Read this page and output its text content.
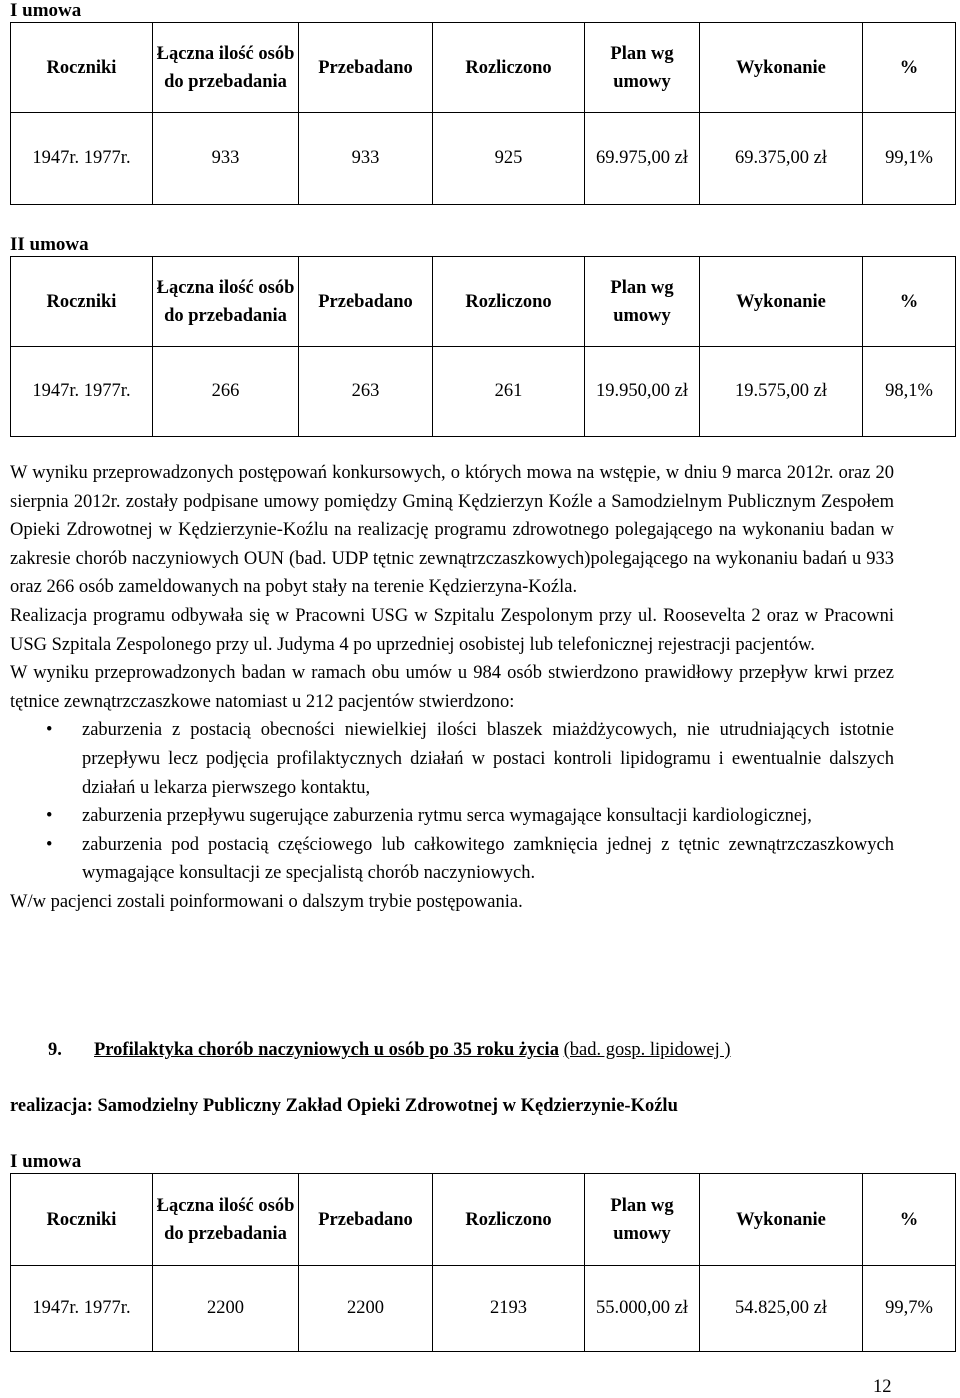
I umowa
Roczniki	Łączna ilość osób do przebadania	Przebadano	Rozliczono	Plan wg umowy	Wykonanie	%
1947r. 1977r.	933	933	925	69.975,00 zł	69.375,00 zł	99,1%
II umowa
Roczniki	Łączna ilość osób do przebadania	Przebadano	Rozliczono	Plan wg umowy	Wykonanie	%
1947r. 1977r.	266	263	261	19.950,00 zł	19.575,00 zł	98,1%

W wyniku przeprowadzonych postępowań konkursowych, o których mowa na wstępie, w dniu 9 marca 2012r. oraz 20 sierpnia 2012r. zostały podpisane umowy pomiędzy Gminą Kędzierzyn Koźle a Samodzielnym Publicznym Zespołem Opieki Zdrowotnej w Kędzierzynie-Koźlu na realizację programu zdrowotnego polegającego na wykonaniu badan w zakresie chorób naczyniowych OUN (bad. UDP tętnic zewnątrzczaszkowych)polegającego na wykonaniu badań u 933 oraz 266 osób zameldowanych na pobyt stały na terenie Kędzierzyna-Koźla.

Realizacja programu odbywała się w Pracowni USG w Szpitalu Zespolonym przy ul. Roosevelta 2 oraz w Pracowni USG Szpitala Zespolonego przy ul. Judyma 4 po uprzedniej osobistej lub telefonicznej rejestracji pacjentów.

W wyniku przeprowadzonych badan w ramach obu umów u 984 osób stwierdzono prawidłowy przepływ krwi przez tętnice zewnątrzczaszkowe natomiast u 212 pacjentów stwierdzono:

• zaburzenia z postacią obecności niewielkiej ilości blaszek miażdżycowych, nie utrudniających istotnie przepływu lecz podjęcia profilaktycznych działań w postaci kontroli lipidogramu i ewentualnie dalszych działań u lekarza pierwszego kontaktu,
• zaburzenia przepływu sugerujące zaburzenia rytmu serca wymagające konsultacji kardiologicznej,
• zaburzenia pod postacią częściowego lub całkowitego zamknięcia jednej z tętnic zewnątrzczaszkowych wymagające konsultacji ze specjalistą chorób naczyniowych.

W/w pacjenci zostali poinformowani o dalszym trybie postępowania.

9. Profilaktyka chorób naczyniowych u osób po 35 roku życia (bad. gosp. lipidowej )
realizacja: Samodzielny Publiczny Zakład Opieki Zdrowotnej w Kędzierzynie-Koźlu
I umowa
Roczniki	Łączna ilość osób do przebadania	Przebadano	Rozliczono	Plan wg umowy	Wykonanie	%
1947r. 1977r.	2200	2200	2193	55.000,00 zł	54.825,00 zł	99,7%
12
